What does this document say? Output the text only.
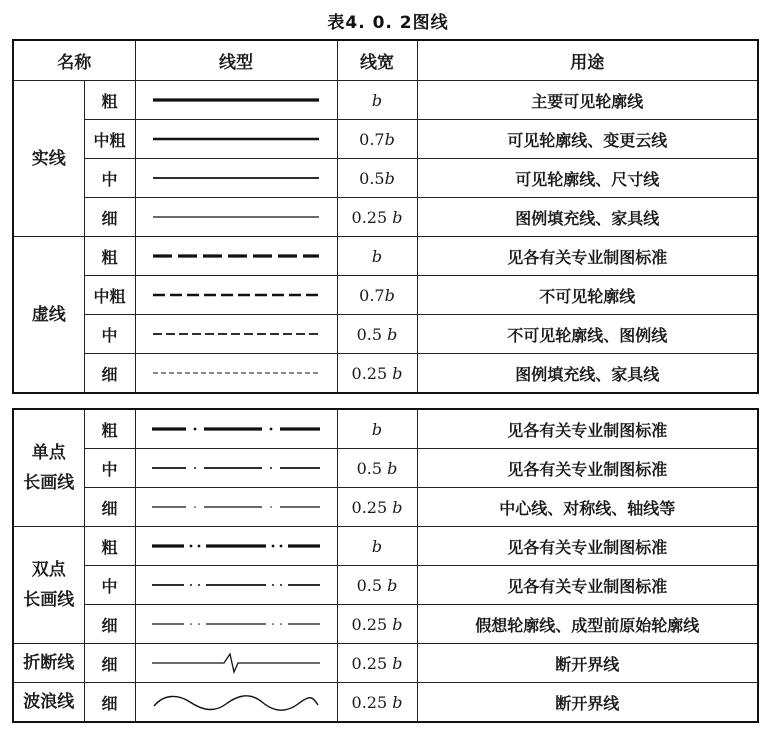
表4. 0. 2图线
名称		线型	线宽	用途
实线	粗		b	主要可见轮廓线
	中粗		0.7b	可见轮廓线、变更云线
	中		0.5b	可见轮廓线、尺寸线
	细		0.25 b	图例填充线、家具线
虚线	粗		b	见各有关专业制图标准
	中粗		0.7b	不可见轮廓线
	中		0.5 b	不可见轮廓线、图例线
	细		0.25 b	图例填充线、家具线
单点
长画线	粗		b	见各有关专业制图标准
	中		0.5 b	见各有关专业制图标准
	细		0.25 b	中心线、对称线、轴线等
双点
长画线	粗		b	见各有关专业制图标准
	中		0.5 b	见各有关专业制图标准
	细		0.25 b	假想轮廓线、成型前原始轮廓线
折断线	细		0.25 b	断开界线
波浪线	细		0.25 b	断开界线
